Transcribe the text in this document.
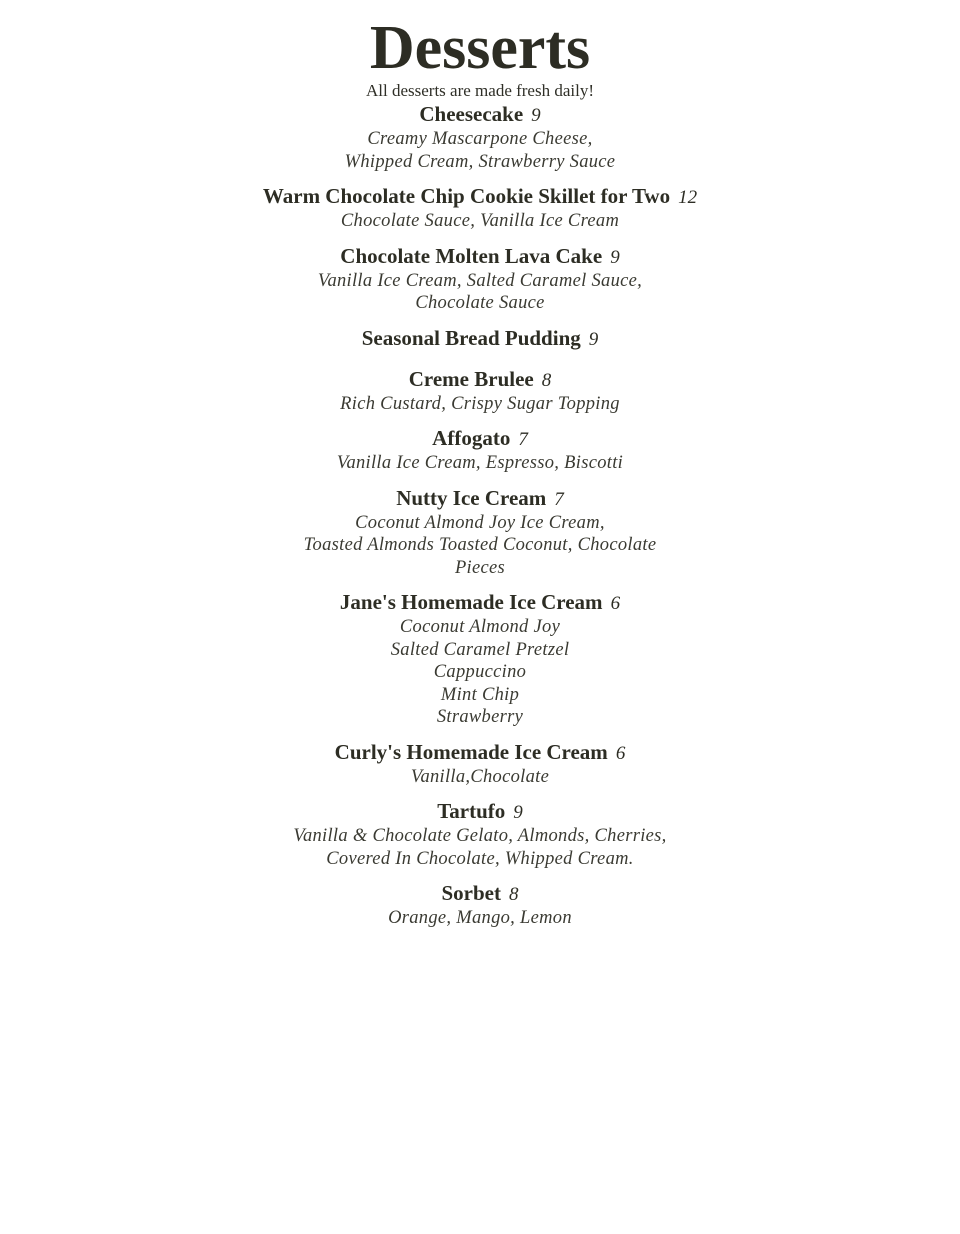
Desserts
All desserts are made fresh daily!
Cheesecake 9
Creamy Mascarpone Cheese,
Whipped Cream, Strawberry Sauce
Warm Chocolate Chip Cookie Skillet for Two 12
Chocolate Sauce, Vanilla Ice Cream
Chocolate Molten Lava Cake 9
Vanilla Ice Cream, Salted Caramel Sauce,
Chocolate Sauce
Seasonal Bread Pudding 9
Creme Brulee 8
Rich Custard, Crispy Sugar Topping
Affogato 7
Vanilla Ice Cream, Espresso, Biscotti
Nutty Ice Cream 7
Coconut Almond Joy Ice Cream,
Toasted Almonds Toasted Coconut, Chocolate
Pieces
Jane's Homemade Ice Cream 6
Coconut Almond Joy
Salted Caramel Pretzel
Cappuccino
Mint Chip
Strawberry
Curly's Homemade Ice Cream 6
Vanilla,Chocolate
Tartufo 9
Vanilla & Chocolate Gelato, Almonds, Cherries,
Covered In Chocolate, Whipped Cream.
Sorbet 8
Orange, Mango, Lemon
